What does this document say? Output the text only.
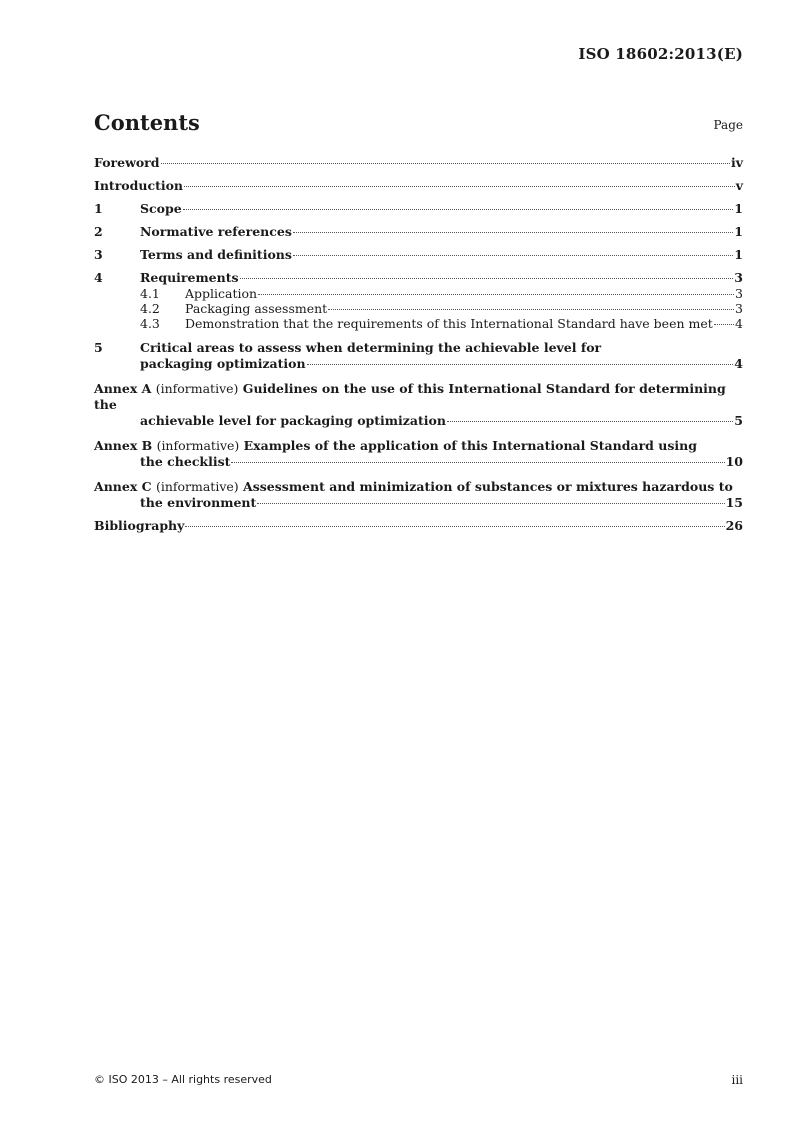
ISO 18602:2013(E)
Contents	Page
Foreword	iv
Introduction	v
1	Scope	1
2	Normative references	1
3	Terms and definitions	1
4	Requirements	3
4.1	Application	3
4.2	Packaging assessment	3
4.3	Demonstration that the requirements of this International Standard have been met 4
5	Critical areas to assess when determining the achievable level for
packaging optimization	4
Annex A (informative) Guidelines on the use of this International Standard for determining the
achievable level for packaging optimization	5
Annex B (informative) Examples of the application of this International Standard using
the checklist	10
Annex C (informative) Assessment and minimization of substances or mixtures hazardous to
the environment	15
Bibliography	26
© ISO 2013 – All rights reserved	iii
